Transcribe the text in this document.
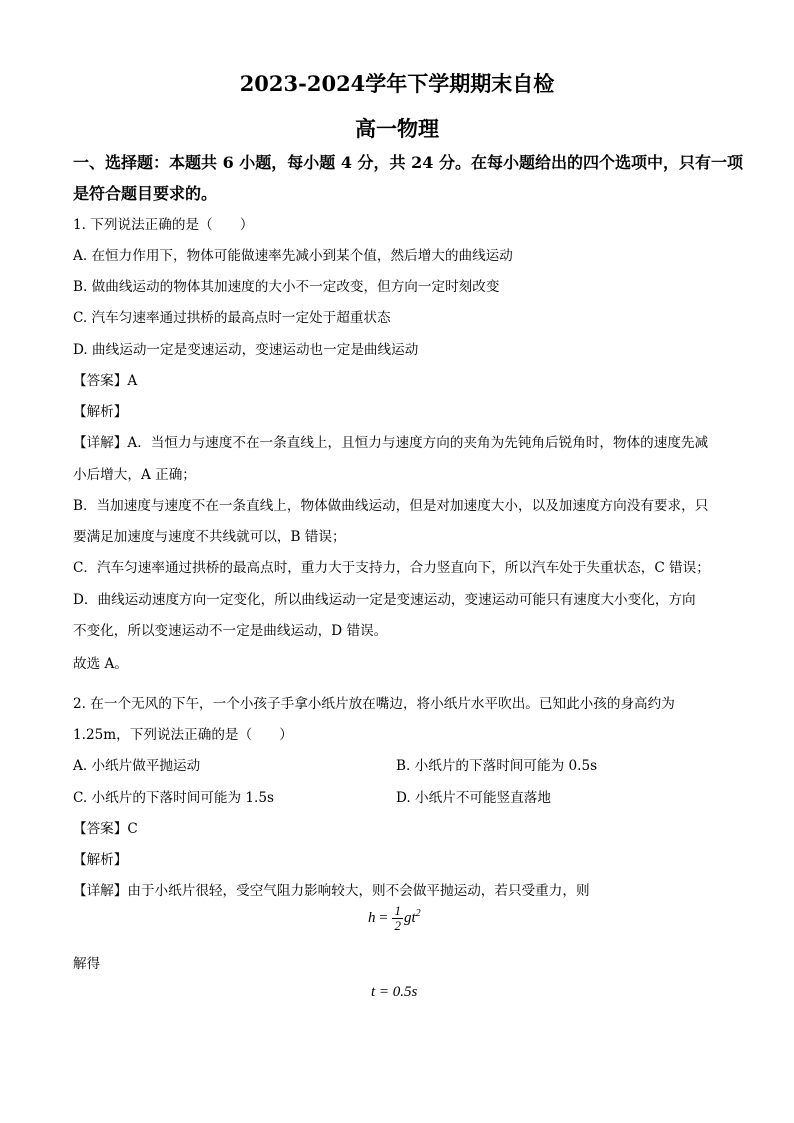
2023-2024学年下学期期末自检
高一物理
一、选择题：本题共 6 小题，每小题 4 分，共 24 分。在每小题给出的四个选项中，只有一项
是符合题目要求的。
1. 下列说法正确的是（　　）
A. 在恒力作用下，物体可能做速率先减小到某个值，然后增大的曲线运动
B. 做曲线运动的物体其加速度的大小不一定改变，但方向一定时刻改变
C. 汽车匀速率通过拱桥的最高点时一定处于超重状态
D. 曲线运动一定是变速运动，变速运动也一定是曲线运动
【答案】A
【解析】
【详解】A．当恒力与速度不在一条直线上，且恒力与速度方向的夹角为先钝角后锐角时，物体的速度先减
小后增大，A 正确；
B．当加速度与速度不在一条直线上，物体做曲线运动，但是对加速度大小，以及加速度方向没有要求，只
要满足加速度与速度不共线就可以，B 错误；
C．汽车匀速率通过拱桥的最高点时，重力大于支持力，合力竖直向下，所以汽车处于失重状态，C 错误；
D．曲线运动速度方向一定变化，所以曲线运动一定是变速运动，变速运动可能只有速度大小变化，方向
不变化，所以变速运动不一定是曲线运动，D 错误。
故选 A。
2. 在一个无风的下午，一个小孩子手拿小纸片放在嘴边，将小纸片水平吹出。已知此小孩的身高约为
1.25m，下列说法正确的是（　　）
A. 小纸片做平抛运动	B. 小纸片的下落时间可能为 0.5s
C. 小纸片的下落时间可能为 1.5s	D. 小纸片不可能竖直落地
【答案】C
【解析】
【详解】由于小纸片很轻，受空气阻力影响较大，则不会做平抛运动，若只受重力，则
$h = \frac{1}{2} gt^2$
解得
t = 0.5s
